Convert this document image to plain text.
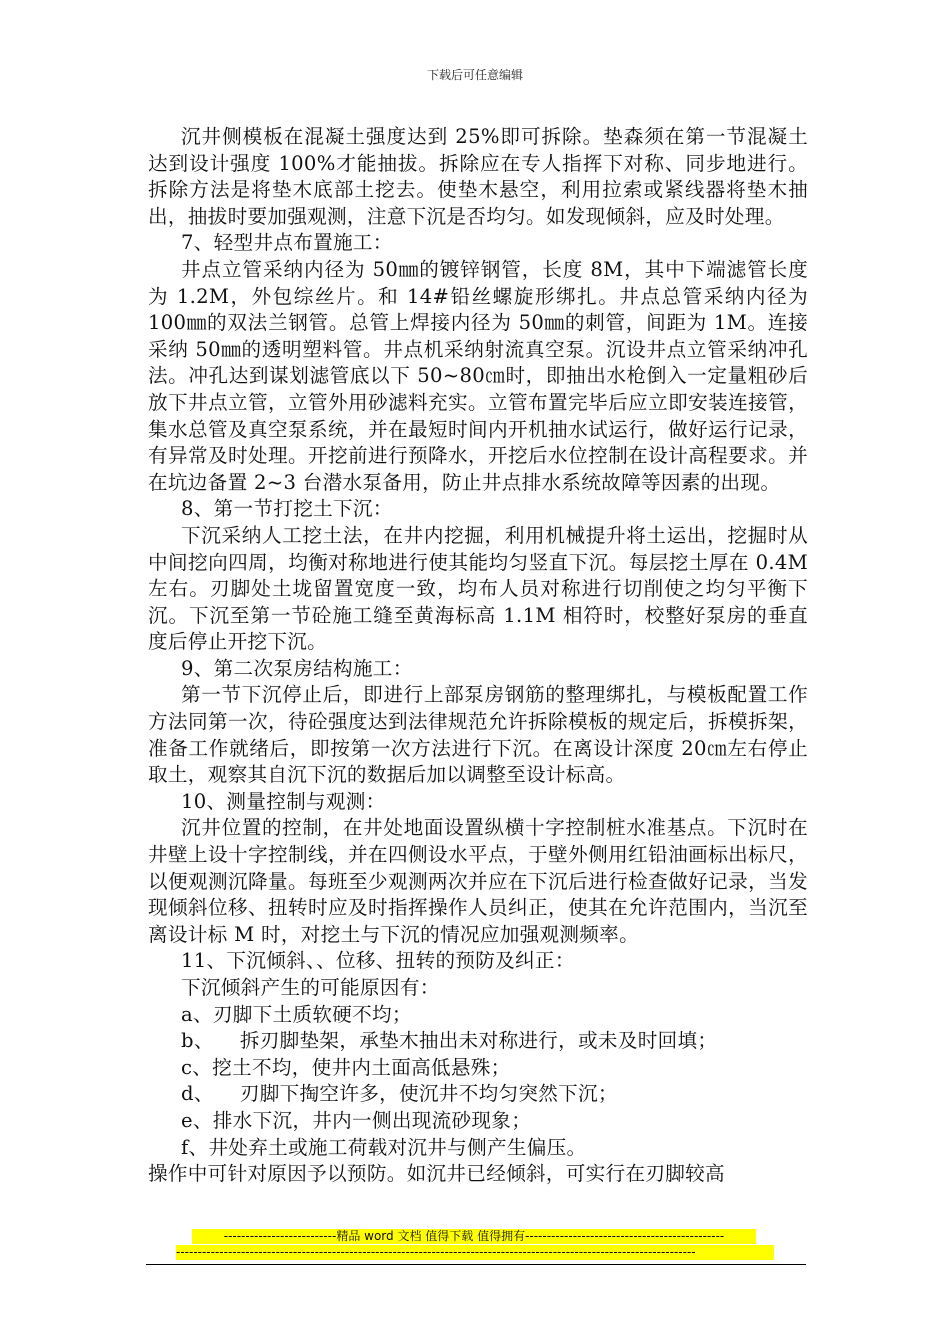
下载后可任意编辑

沉井侧模板在混凝土强度达到 25%即可拆除。垫森须在第一节混凝土达到设计强度 100%才能抽拔。拆除应在专人指挥下对称、同步地进行。拆除方法是将垫木底部土挖去。使垫木悬空，利用拉索或紧线器将垫木抽出，抽拔时要加强观测，注意下沉是否均匀。如发现倾斜，应及时处理。

7、轻型井点布置施工：

井点立管采纳内径为 50㎜的镀锌钢管，长度 8M，其中下端滤管长度为 1.2M，外包综丝片。和 14#铅丝螺旋形绑扎。井点总管采纳内径为 100㎜的双法兰钢管。总管上焊接内径为 50㎜的刺管，间距为 1M。连接采纳 50㎜的透明塑料管。井点机采纳射流真空泵。沉设井点立管采纳冲孔法。冲孔达到谋划滤管底以下 50~80㎝时，即抽出水枪倒入一定量粗砂后放下井点立管，立管外用砂滤料充实。立管布置完毕后应立即安装连接管，集水总管及真空泵系统，并在最短时间内开机抽水试运行，做好运行记录，有异常及时处理。开挖前进行预降水，开挖后水位控制在设计高程要求。并在坑边备置 2~3 台潜水泵备用，防止井点排水系统故障等因素的出现。

8、第一节打挖土下沉：

下沉采纳人工挖土法，在井内挖掘，利用机械提升将土运出，挖掘时从中间挖向四周，均衡对称地进行使其能均匀竖直下沉。每层挖土厚在 0.4M 左右。刃脚处土垅留置宽度一致，均布人员对称进行切削使之均匀平衡下沉。下沉至第一节砼施工缝至黄海标高 1.1M 相符时，校整好泵房的垂直度后停止开挖下沉。

9、第二次泵房结构施工：

第一节下沉停止后，即进行上部泵房钢筋的整理绑扎，与模板配置工作方法同第一次，待砼强度达到法律规范允许拆除模板的规定后，拆模拆架，准备工作就绪后，即按第一次方法进行下沉。在离设计深度 20㎝左右停止取土，观察其自沉下沉的数据后加以调整至设计标高。

10、测量控制与观测：

沉井位置的控制，在井处地面设置纵横十字控制桩水准基点。下沉时在井壁上设十字控制线，并在四侧设水平点，于壁外侧用红铅油画标出标尺，以便观测沉降量。每班至少观测两次并应在下沉后进行检查做好记录，当发现倾斜位移、扭转时应及时指挥操作人员纠正，使其在允许范围内，当沉至离设计标 M 时，对挖土与下沉的情况应加强观测频率。

11、下沉倾斜、、位移、扭转的预防及纠正：

下沉倾斜产生的可能原因有：

a、刃脚下土质软硬不均；

b、    拆刃脚垫架，承垫木抽出未对称进行，或未及时回填；

c、挖土不均，使井内土面高低悬殊；

d、    刃脚下掏空许多，使沉井不均匀突然下沉；

e、排水下沉，井内一侧出现流砂现象；

f、井处弃土或施工荷载对沉井与侧产生偏压。

操作中可针对原因予以预防。如沉井已经倾斜，可实行在刃脚较高

--------------------------精品 word 文档 值得下载 值得拥有----------------------------------------------
------------------------------------------------------------------------------------------------------------------------
